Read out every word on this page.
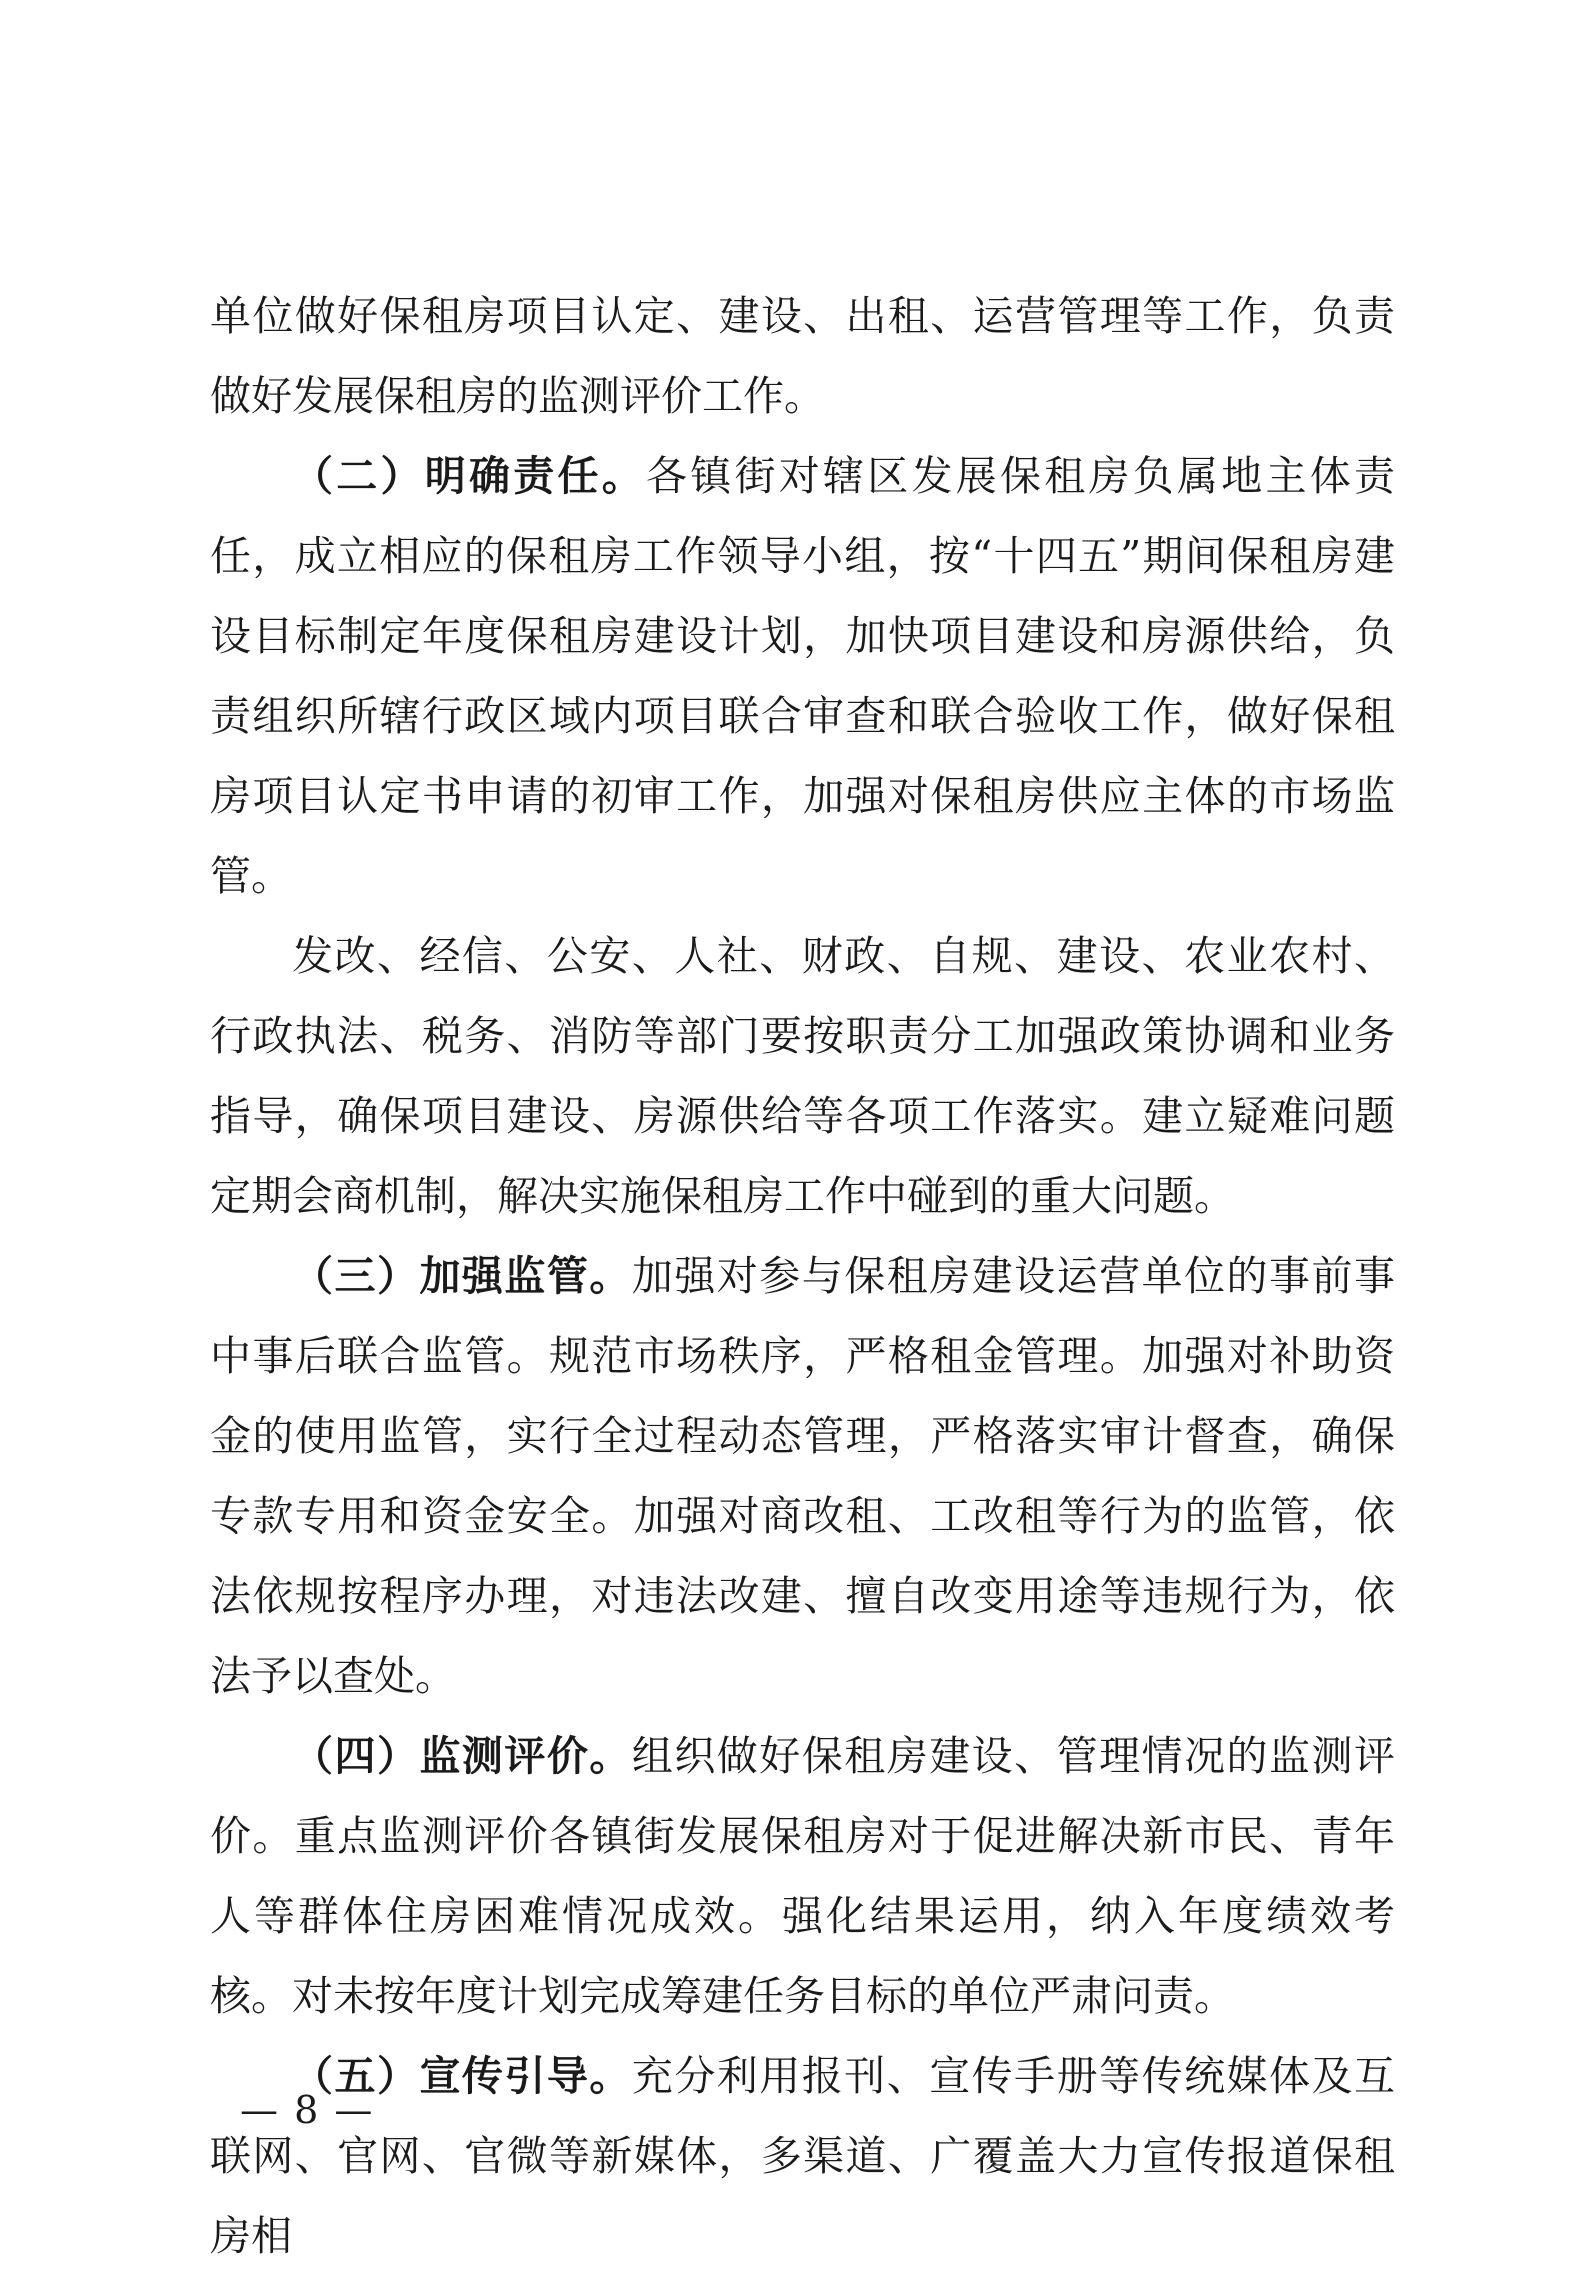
单位做好保租房项目认定、建设、出租、运营管理等工作，负责做好发展保租房的监测评价工作。

（二）明确责任。各镇街对辖区发展保租房负属地主体责任，成立相应的保租房工作领导小组，按“十四五”期间保租房建设目标制定年度保租房建设计划，加快项目建设和房源供给，负责组织所辖行政区域内项目联合审查和联合验收工作，做好保租房项目认定书申请的初审工作，加强对保租房供应主体的市场监管。

发改、经信、公安、人社、财政、自规、建设、农业农村、行政执法、税务、消防等部门要按职责分工加强政策协调和业务指导，确保项目建设、房源供给等各项工作落实。建立疑难问题定期会商机制，解决实施保租房工作中碰到的重大问题。

（三）加强监管。加强对参与保租房建设运营单位的事前事中事后联合监管。规范市场秩序，严格租金管理。加强对补助资金的使用监管，实行全过程动态管理，严格落实审计督查，确保专款专用和资金安全。加强对商改租、工改租等行为的监管，依法依规按程序办理，对违法改建、擅自改变用途等违规行为，依法予以查处。

（四）监测评价。组织做好保租房建设、管理情况的监测评价。重点监测评价各镇街发展保租房对于促进解决新市民、青年人等群体住房困难情况成效。强化结果运用，纳入年度绩效考核。对未按年度计划完成筹建任务目标的单位严肃问责。

（五）宣传引导。充分利用报刊、宣传手册等传统媒体及互联网、官网、官微等新媒体，多渠道、广覆盖大力宣传报道保租房相

— 8 —
